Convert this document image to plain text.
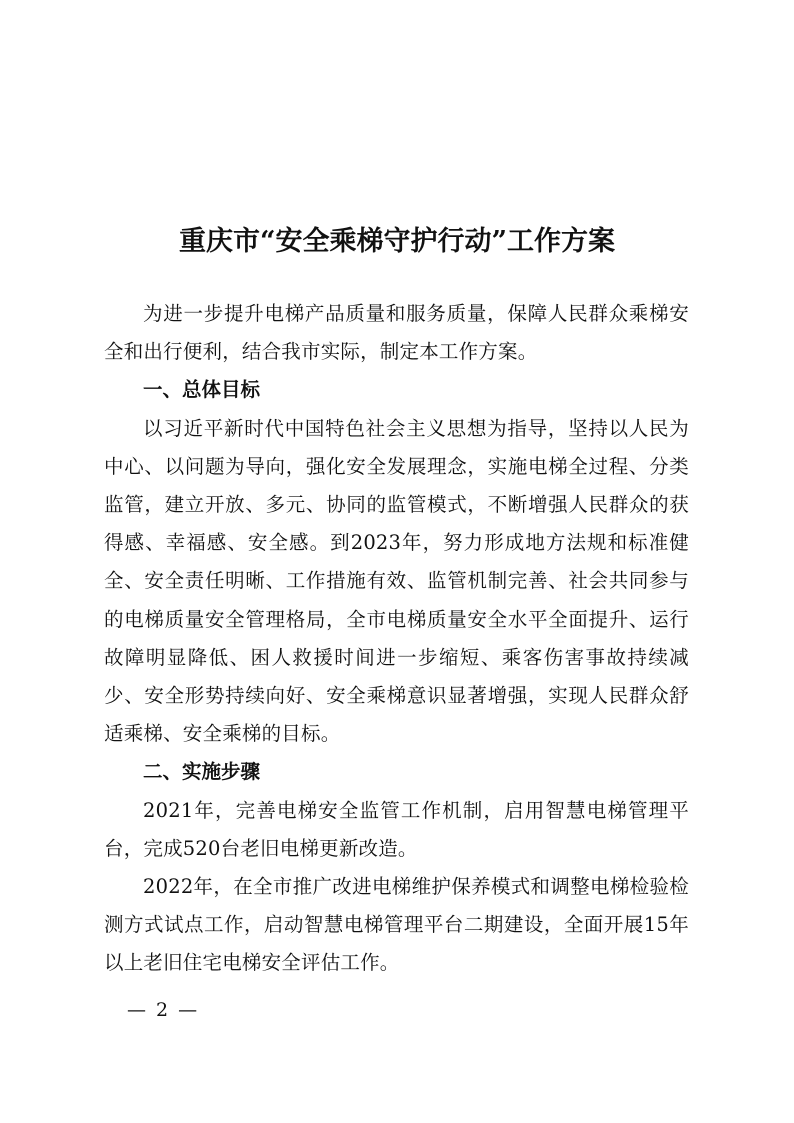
重庆市“安全乘梯守护行动”工作方案

为进一步提升电梯产品质量和服务质量，保障人民群众乘梯安全和出行便利，结合我市实际，制定本工作方案。

一、总体目标

以习近平新时代中国特色社会主义思想为指导，坚持以人民为中心、以问题为导向，强化安全发展理念，实施电梯全过程、分类监管，建立开放、多元、协同的监管模式，不断增强人民群众的获得感、幸福感、安全感。到2023年，努力形成地方法规和标准健全、安全责任明晰、工作措施有效、监管机制完善、社会共同参与的电梯质量安全管理格局，全市电梯质量安全水平全面提升、运行故障明显降低、困人救援时间进一步缩短、乘客伤害事故持续减少、安全形势持续向好、安全乘梯意识显著增强，实现人民群众舒适乘梯、安全乘梯的目标。

二、实施步骤

2021年，完善电梯安全监管工作机制，启用智慧电梯管理平台，完成520台老旧电梯更新改造。

2022年，在全市推广改进电梯维护保养模式和调整电梯检验检测方式试点工作，启动智慧电梯管理平台二期建设，全面开展15年以上老旧住宅电梯安全评估工作。

— 2 —
